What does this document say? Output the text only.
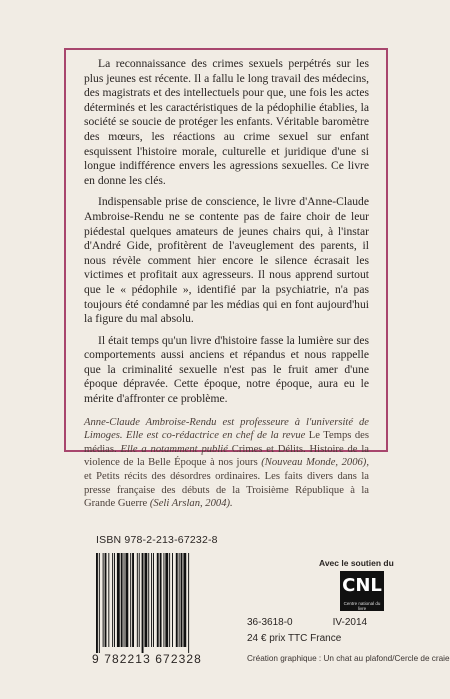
La reconnaissance des crimes sexuels perpétrés sur les plus jeunes est récente. Il a fallu le long travail des médecins, des magistrats et des intellectuels pour que, une fois les actes déterminés et les caractéristiques de la pédophilie établies, la société se soucie de protéger les enfants. Véritable baromètre des mœurs, les réactions au crime sexuel sur enfant esquissent l'histoire morale, culturelle et juridique d'une si longue indifférence envers les agressions sexuelles. Ce livre en donne les clés.

Indispensable prise de conscience, le livre d'Anne-Claude Ambroise-Rendu ne se contente pas de faire choir de leur piédestal quelques amateurs de jeunes chairs qui, à l'instar d'André Gide, profitèrent de l'aveuglement des parents, il nous révèle comment hier encore le silence écrasait les victimes et profitait aux agresseurs. Il nous apprend surtout que le « pédophile », identifié par la psychiatrie, n'a pas toujours été condamné par les médias qui en font aujourd'hui la figure du mal absolu.

Il était temps qu'un livre d'histoire fasse la lumière sur des comportements aussi anciens et répandus et nous rappelle que la criminalité sexuelle n'est pas le fruit amer d'une époque dépravée. Cette époque, notre époque, aura eu le mérite d'affronter ce problème.

Anne-Claude Ambroise-Rendu est professeure à l'université de Limoges. Elle est co-rédactrice en chef de la revue Le Temps des médias. Elle a notamment publié Crimes et Délits. Histoire de la violence de la Belle Époque à nos jours (Nouveau Monde, 2006), et Petits récits des désordres ordinaires. Les faits divers dans la presse française des débuts de la Troisième République à la Grande Guerre (Seli Arslan, 2004).
ISBN 978-2-213-67232-8
9 782213 672328
36-3618-0	IV-2014
24 € prix TTC France
Création graphique : Un chat au plafond/Cercle de craie
Avec le soutien du
CNL
Centre national du livre
